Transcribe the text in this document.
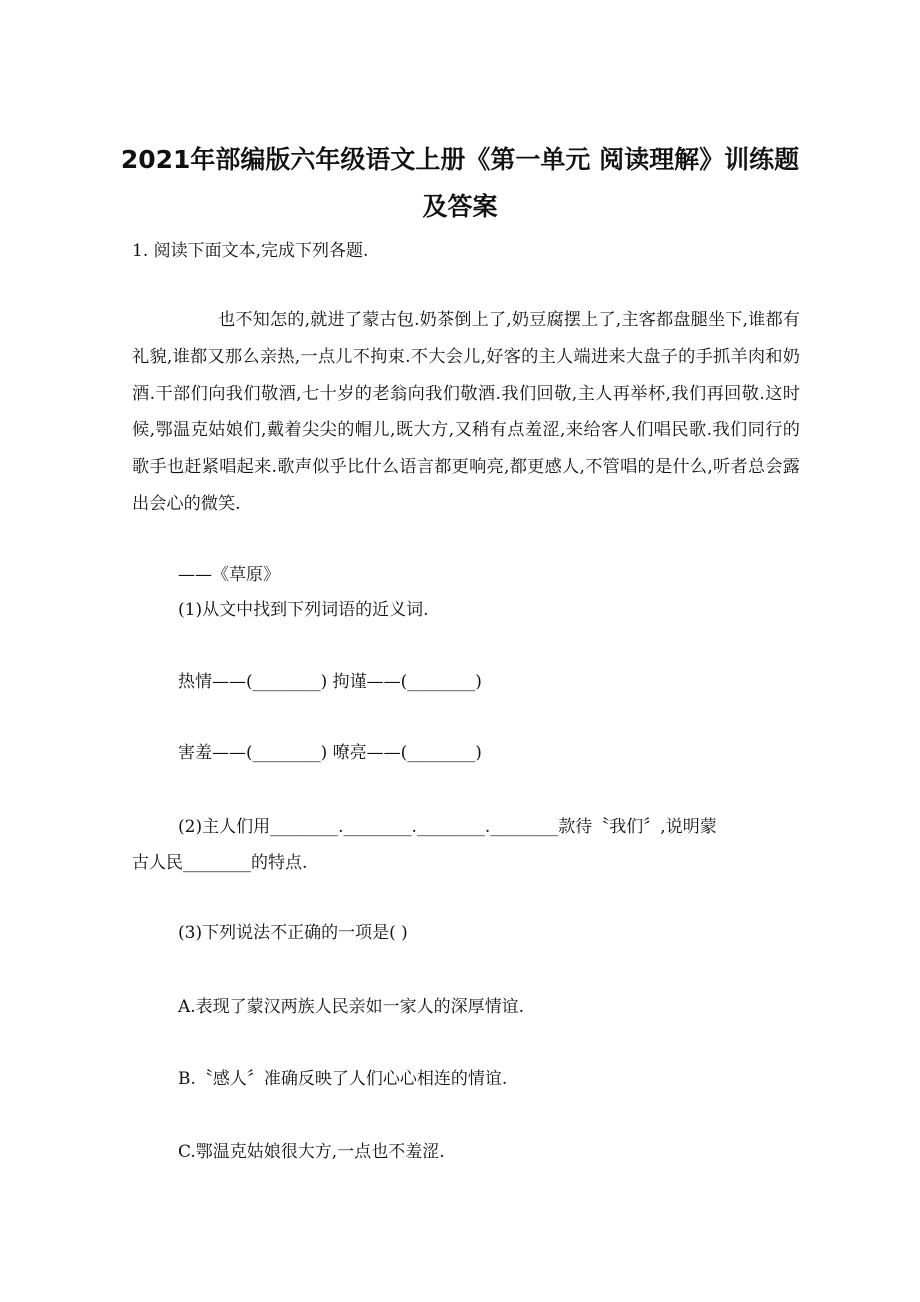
2021年部编版六年级语文上册《第一单元 阅读理解》训练题
及答案
1. 阅读下面文本,完成下列各题.

也不知怎的,就进了蒙古包.奶茶倒上了,奶豆腐摆上了,主客都盘腿坐下,谁都有礼貌,谁都又那么亲热,一点儿不拘束.不大会儿,好客的主人端进来大盘子的手抓羊肉和奶酒.干部们向我们敬酒,七十岁的老翁向我们敬酒.我们回敬,主人再举杯,我们再回敬.这时候,鄂温克姑娘们,戴着尖尖的帽儿,既大方,又稍有点羞涩,来给客人们唱民歌.我们同行的歌手也赶紧唱起来.歌声似乎比什么语言都更响亮,都更感人,不管唱的是什么,听者总会露出会心的微笑.

——《草原》
(1)从文中找到下列词语的近义词.
热情——(________) 拘谨——(________)
害羞——(________) 嘹亮——(________)
(2)主人们用________.________.________.________款待〝我们〞,说明蒙
古人民________的特点.
(3)下列说法不正确的一项是( )
A.表现了蒙汉两族人民亲如一家人的深厚情谊.
B.〝感人〞准确反映了人们心心相连的情谊.
C.鄂温克姑娘很大方,一点也不羞涩.
